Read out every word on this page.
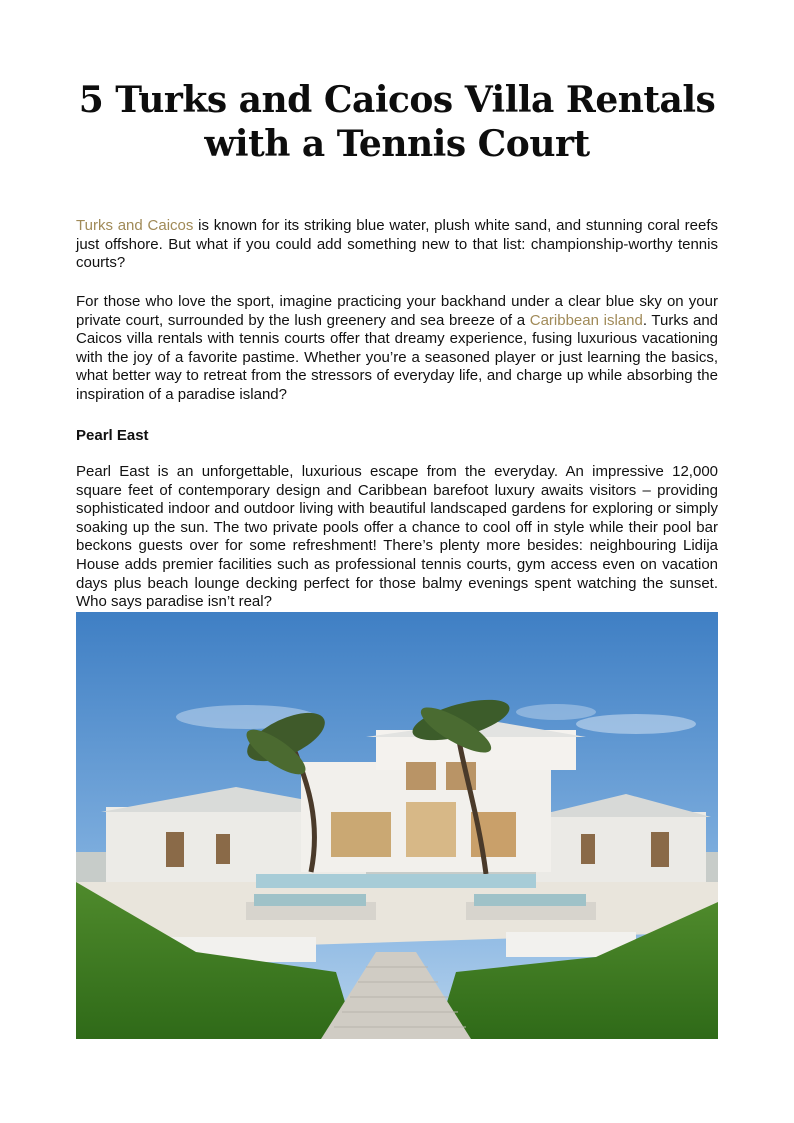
5 Turks and Caicos Villa Rentals with a Tennis Court

Turks and Caicos is known for its striking blue water, plush white sand, and stunning coral reefs just offshore. But what if you could add something new to that list: championship-worthy tennis courts?

For those who love the sport, imagine practicing your backhand under a clear blue sky on your private court, surrounded by the lush greenery and sea breeze of a Caribbean island. Turks and Caicos villa rentals with tennis courts offer that dreamy experience, fusing luxurious vacationing with the joy of a favorite pastime. Whether you’re a seasoned player or just learning the basics, what better way to retreat from the stressors of everyday life, and charge up while absorbing the inspiration of a paradise island?

Pearl East

Pearl East is an unforgettable, luxurious escape from the everyday. An impressive 12,000 square feet of contemporary design and Caribbean barefoot luxury awaits visitors – providing sophisticated indoor and outdoor living with beautiful landscaped gardens for exploring or simply soaking up the sun. The two private pools offer a chance to cool off in style while their pool bar beckons guests over for some refreshment! There’s plenty more besides: neighbouring Lidija House adds premier facilities such as professional tennis courts, gym access even on vacation days plus beach lounge decking perfect for those balmy evenings spent watching the sunset. Who says paradise isn’t real?
